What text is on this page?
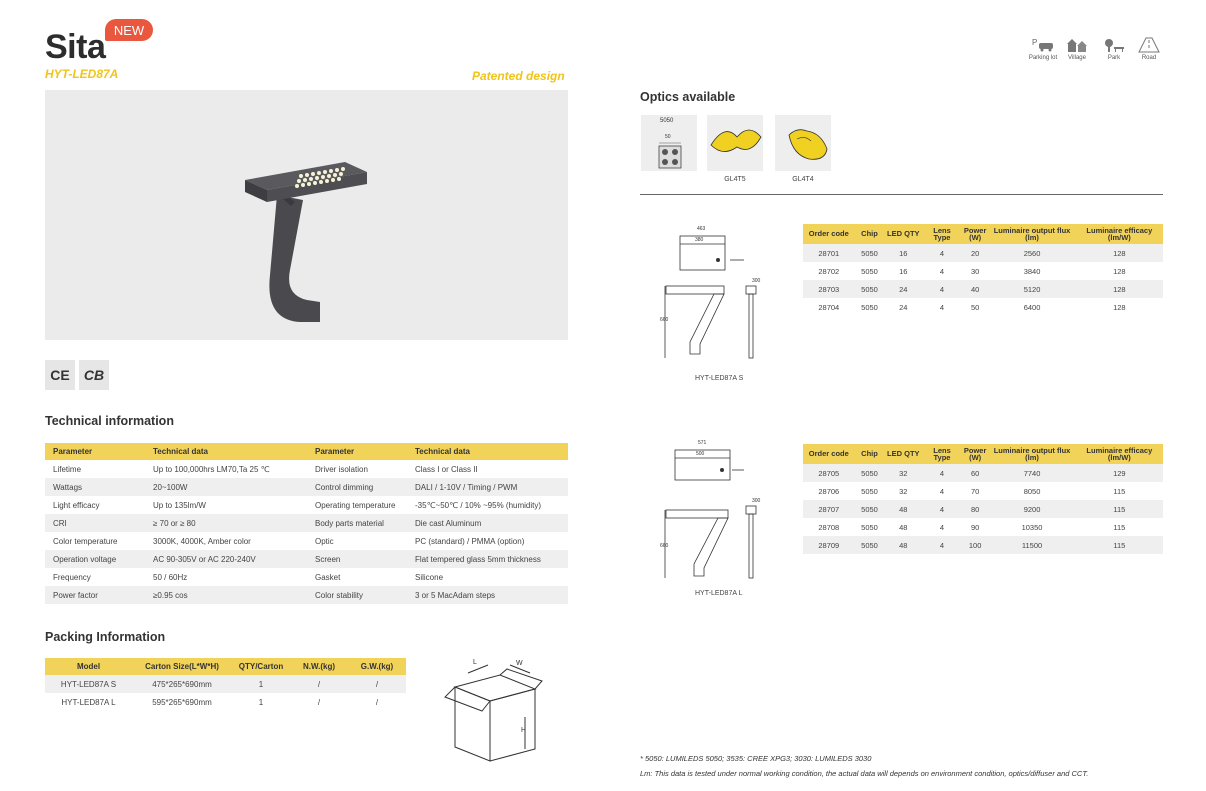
Sita NEW
HYT-LED87A	Patented design
CE	CB
Technical information
Parameter	Technical data	Parameter	Technical data
Lifetime	Up to 100,000hrs LM70,Ta 25 ℃	Driver isolation	Class I or Class II
Wattags	20~100W	Control dimming	DALI / 1-10V / Timing / PWM
Light efficacy	Up to 135lm/W	Operating temperature	-35℃~50℃ / 10% ~95% (humidity)
CRI	≥ 70 or ≥ 80	Body parts material	Die cast Aluminum
Color temperature	3000K, 4000K, Amber color	Optic	PC (standard) / PMMA (option)
Operation voltage	AC 90-305V or AC 220-240V	Screen	Flat tempered glass 5mm thickness
Frequency	50 / 60Hz	Gasket	Silicone
Power factor	≥0.95 cos	Color stability	3 or 5 MacAdam steps
Packing Information
Model	Carton Size(L*W*H)	QTY/Carton	N.W.(kg)	G.W.(kg)
HYT-LED87A S	475*265*690mm	1	/	/
HYT-LED87A L	595*265*690mm	1	/	/
L	W
H
P
Parking lot	Village	Park	Road
Optics available
5050
50
GL4T5	GL4T4
463
380
300
660
HYT-LED87A S
Order code	Chip	LED QTY	Lens Type	Power (W)	Luminaire output flux (lm)	Luminaire efficacy (lm/W)
28701	5050	16	4	20	2560	128
28702	5050	16	4	30	3840	128
28703	5050	24	4	40	5120	128
28704	5050	24	4	50	6400	128
571
500
300
660
HYT-LED87A L
Order code	Chip	LED QTY	Lens Type	Power (W)	Luminaire output flux (lm)	Luminaire efficacy (lm/W)
28705	5050	32	4	60	7740	129
28706	5050	32	4	70	8050	115
28707	5050	48	4	80	9200	115
28708	5050	48	4	90	10350	115
28709	5050	48	4	100	11500	115
* 5050: LUMILEDS 5050; 3535: CREE XPG3; 3030: LUMILEDS 3030
Lm: This data is tested under normal working condition, the actual data will depends on environment condition, optics/diffuser and CCT.
